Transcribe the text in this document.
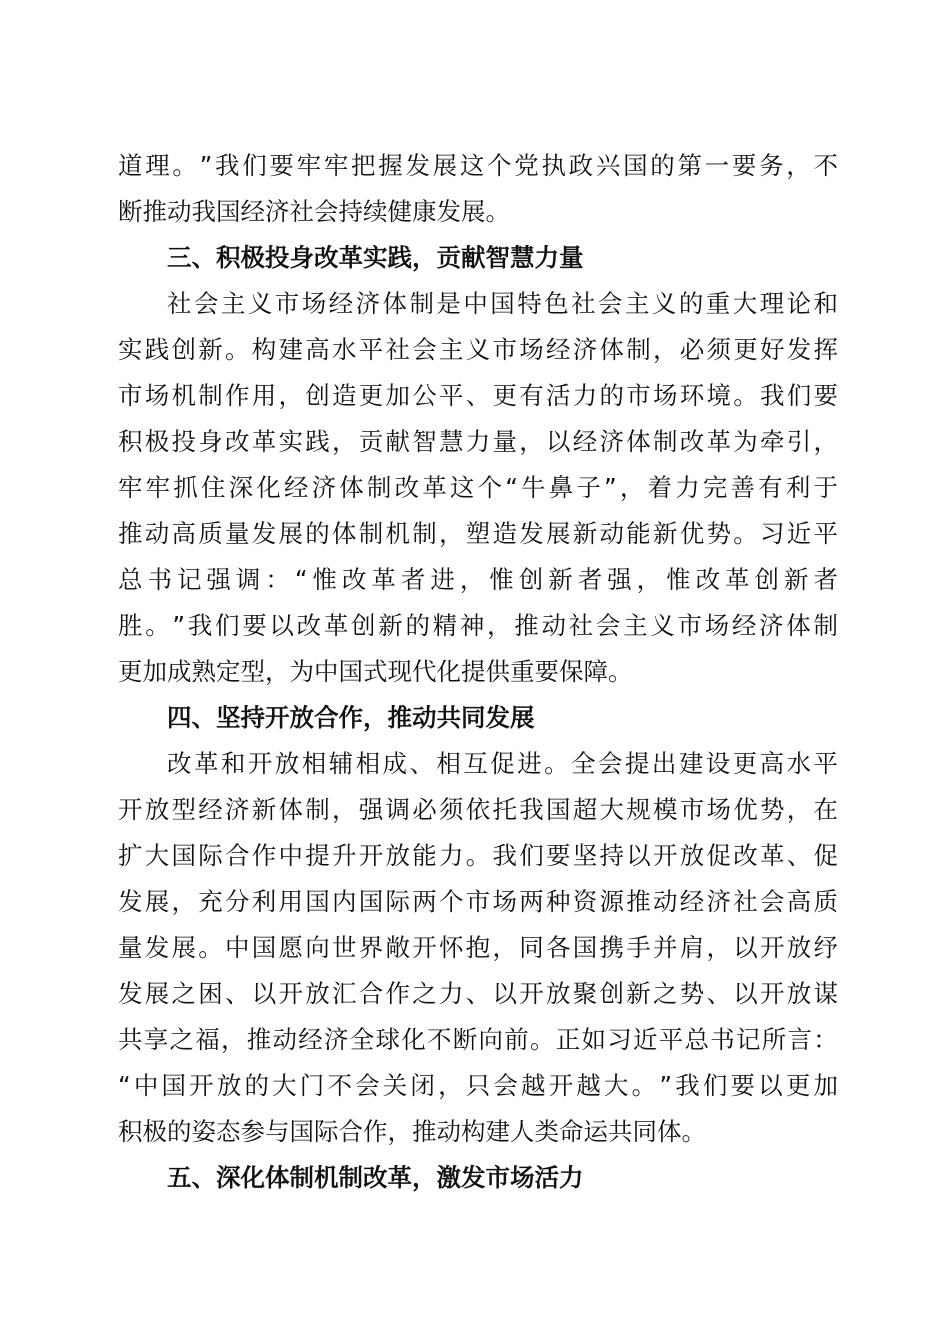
道 理 。 ” 我 们 要 牢 牢 把 握 发 展 这 个 党 执 政 兴 国 的 第 一 要 务 ， 不
断推动我国经济社会持续健康发展。
三、积极投身改革实践，贡献智慧力量
社 会 主 义 市 场 经 济 体 制 是 中 国 特 色 社 会 主 义 的 重 大 理 论 和
实 践 创 新 。 构 建 高 水 平 社 会 主 义 市 场 经 济 体 制 ， 必 须 更 好 发 挥
市 场 机 制 作 用 ， 创 造 更 加 公 平 、 更 有 活 力 的 市 场 环 境 。 我 们 要
积 极 投 身 改 革 实 践 ， 贡 献 智 慧 力 量 ， 以 经 济 体 制 改 革 为 牵 引 ，
牢 牢 抓 住 深 化 经 济 体 制 改 革 这 个 “ 牛 鼻 子 ” ， 着 力 完 善 有 利 于
推 动 高 质 量 发 展 的 体 制 机 制 ， 塑 造 发 展 新 动 能 新 优 势 。 习 近 平
总 书 记 强 调 ： “ 惟 改 革 者 进 ， 惟 创 新 者 强 ， 惟 改 革 创 新 者
胜 。 ” 我 们 要 以 改 革 创 新 的 精 神 ， 推 动 社 会 主 义 市 场 经 济 体 制
更加成熟定型，为中国式现代化提供重要保障。
四、坚持开放合作，推动共同发展
改 革 和 开 放 相 辅 相 成 、 相 互 促 进 。 全 会 提 出 建 设 更 高 水 平
开 放 型 经 济 新 体 制 ， 强 调 必 须 依 托 我 国 超 大 规 模 市 场 优 势 ， 在
扩 大 国 际 合 作 中 提 升 开 放 能 力 。 我 们 要 坚 持 以 开 放 促 改 革 、 促
发 展 ， 充 分 利 用 国 内 国 际 两 个 市 场 两 种 资 源 推 动 经 济 社 会 高 质
量 发 展 。 中 国 愿 向 世 界 敞 开 怀 抱 ， 同 各 国 携 手 并 肩 ， 以 开 放 纾
发 展 之 困 、 以 开 放 汇 合 作 之 力 、 以 开 放 聚 创 新 之 势 、 以 开 放 谋
共 享 之 福 ， 推 动 经 济 全 球 化 不 断 向 前 。 正 如 习 近 平 总 书 记 所 言 ：
“ 中 国 开 放 的 大 门 不 会 关 闭 ， 只 会 越 开 越 大 。 ” 我 们 要 以 更 加
积极的姿态参与国际合作，推动构建人类命运共同体。
五、深化体制机制改革，激发市场活力
